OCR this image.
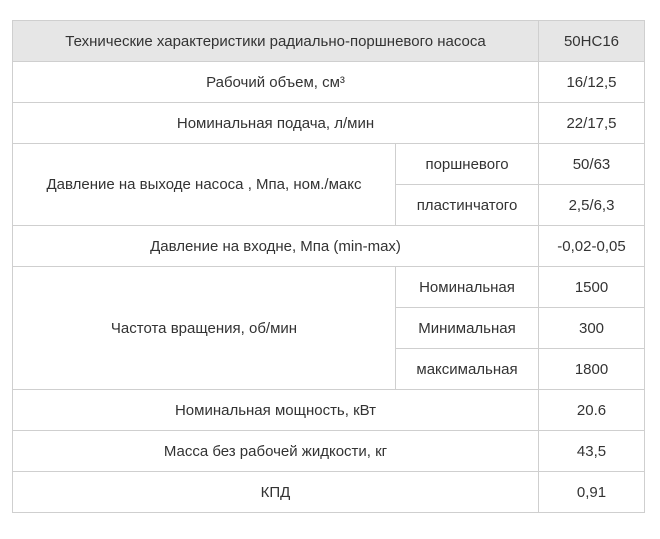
Технические характеристики радиально-поршневого насоса		50НС16
Рабочий объем, см³		16/12,5
Номинальная подача, л/мин		22/17,5
Давление на выходе насоса , Мпа, ном./макс	поршневого	50/63
	пластинчатого	2,5/6,3
Давление на входне, Мпа (min-max)		-0,02-0,05
Частота вращения, об/мин	Номинальная	1500
	Минимальная	300
	максимальная	1800
Номинальная мощность, кВт		20.6
Масса без рабочей жидкости, кг		43,5
КПД		0,91
